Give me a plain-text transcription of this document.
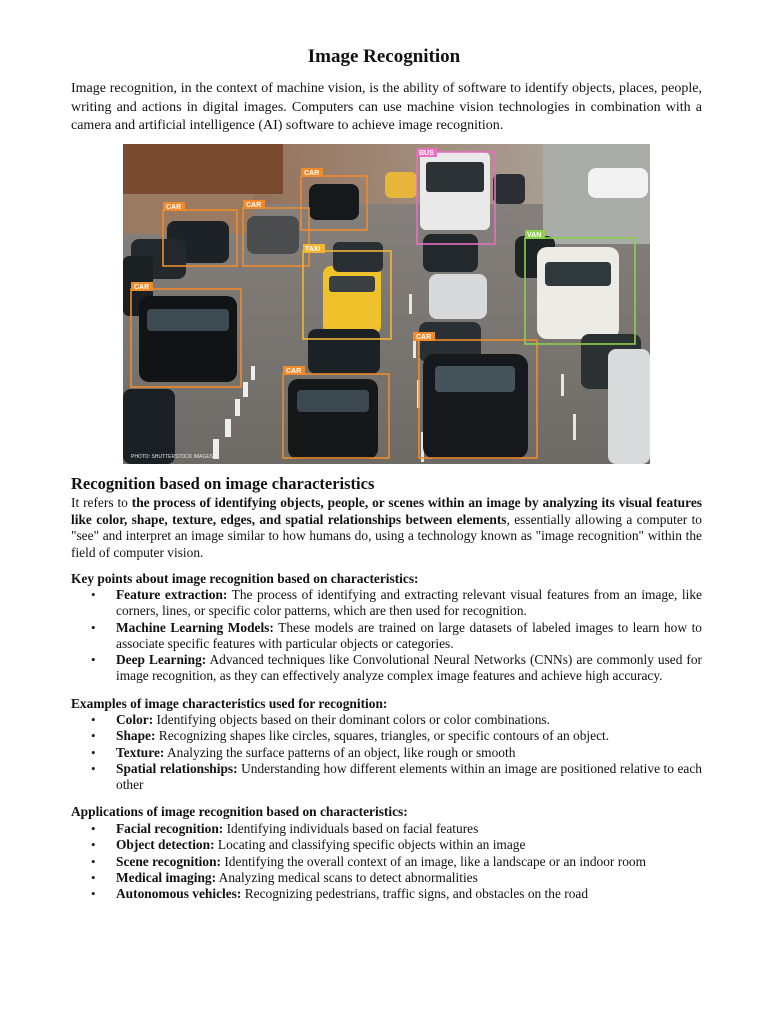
Image Recognition

Image recognition, in the context of machine vision, is the ability of software to identify objects, places, people, writing and actions in digital images. Computers can use machine vision technologies in combination with a camera and artificial intelligence (AI) software to achieve image recognition.

CAR	CAR
CAR
CAR
TAXI
CAR
BUS
CAR
VAN
PHOTO: SHUTTERSTOCK IMAGES
Recognition based on image characteristics

It refers to the process of identifying objects, people, or scenes within an image by analyzing its visual features like color, shape, texture, edges, and spatial relationships between elements, essentially allowing a computer to "see" and interpret an image similar to how humans do, using a technology known as "image recognition" within the field of computer vision.

Key points about image recognition based on characteristics:

• Feature extraction: The process of identifying and extracting relevant visual features from an image, like corners, lines, or specific color patterns, which are then used for recognition.
• Machine Learning Models: These models are trained on large datasets of labeled images to learn how to associate specific features with particular objects or categories.
• Deep Learning: Advanced techniques like Convolutional Neural Networks (CNNs) are commonly used for image recognition, as they can effectively analyze complex image features and achieve high accuracy.

Examples of image characteristics used for recognition:

• Color: Identifying objects based on their dominant colors or color combinations.
• Shape: Recognizing shapes like circles, squares, triangles, or specific contours of an object.
• Texture: Analyzing the surface patterns of an object, like rough or smooth
• Spatial relationships: Understanding how different elements within an image are positioned relative to each other

Applications of image recognition based on characteristics:

• Facial recognition: Identifying individuals based on facial features
• Object detection: Locating and classifying specific objects within an image
• Scene recognition: Identifying the overall context of an image, like a landscape or an indoor room
• Medical imaging: Analyzing medical scans to detect abnormalities
• Autonomous vehicles: Recognizing pedestrians, traffic signs, and obstacles on the road
